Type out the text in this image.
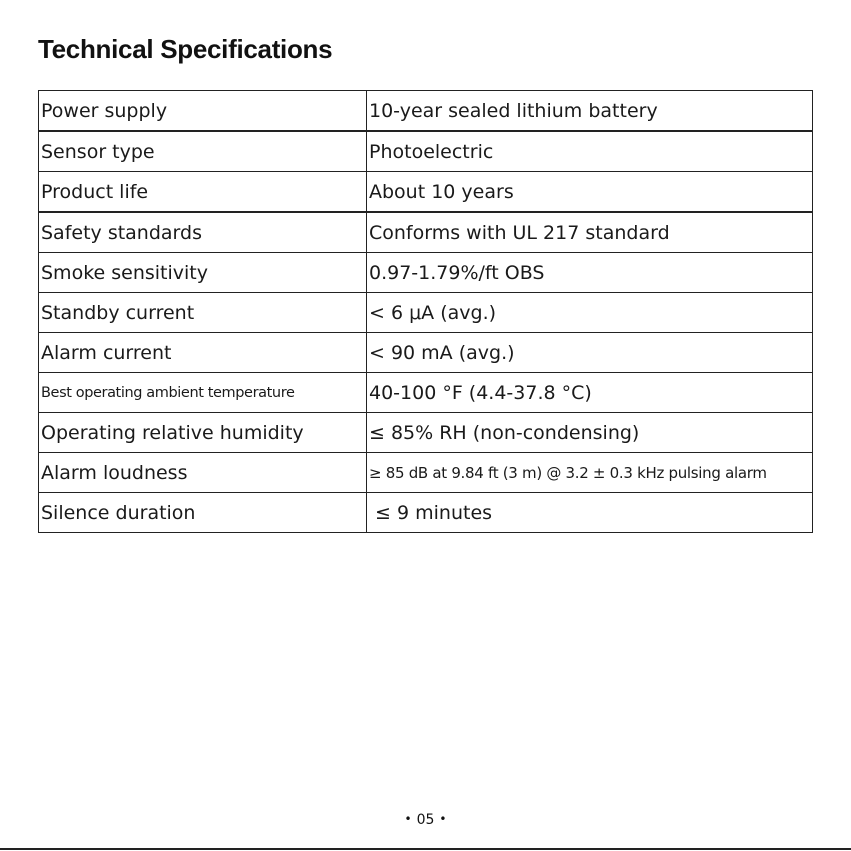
Technical Specifications
Power supply	10-year sealed lithium battery
Sensor type	Photoelectric
Product life	About 10 years
Safety standards	Conforms with UL 217 standard
Smoke sensitivity	0.97-1.79%/ft OBS
Standby current	< 6 μA (avg.)
Alarm current	< 90 mA (avg.)
Best operating ambient temperature	40-100 °F (4.4-37.8 °C)
Operating relative humidity	≤ 85% RH (non-condensing)
Alarm loudness	≥ 85 dB at 9.84 ft (3 m) @ 3.2 ± 0.3 kHz pulsing alarm
Silence duration	≤ 9 minutes
• 05 •
